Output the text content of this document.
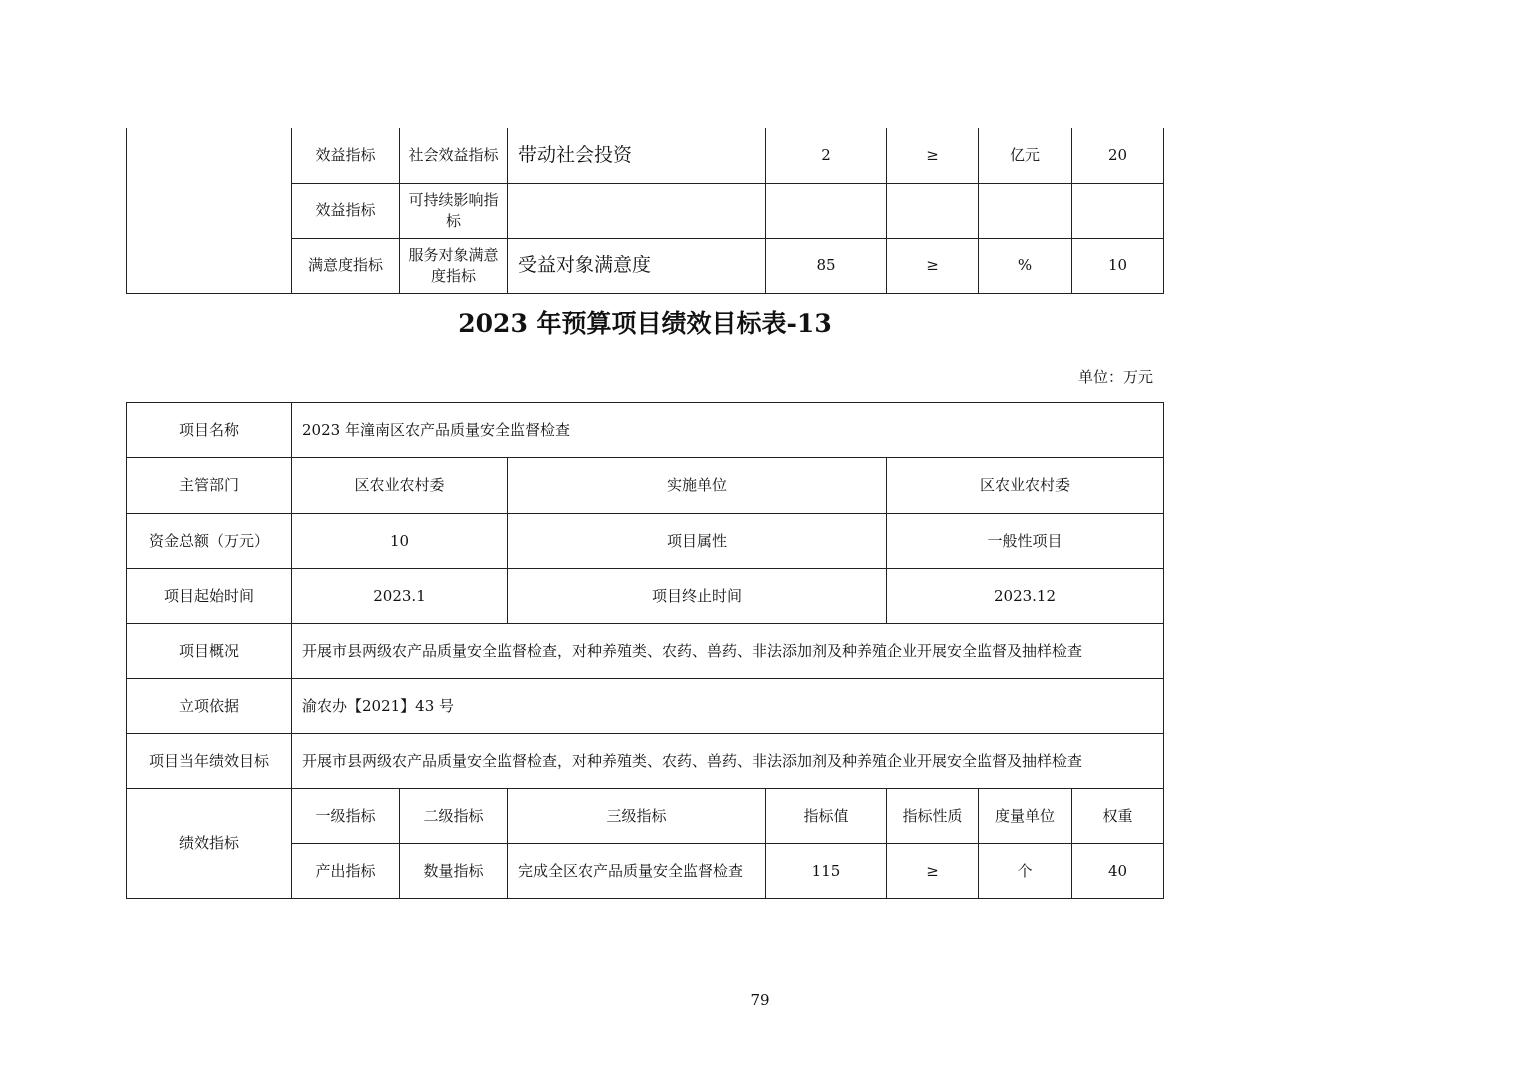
	效益指标	社会效益指标	带动社会投资	2	≥	亿元	20
	效益指标	可持续影响指标					
	满意度指标	服务对象满意度指标	受益对象满意度	85	≥	%	10
2023 年预算项目绩效目标表-13
单位：万元
项目名称	2023 年潼南区农产品质量安全监督检查						
主管部门	区农业农村委		实施单位		区农业农村委		
资金总额（万元）	10		项目属性		一般性项目		
项目起始时间	2023.1		项目终止时间		2023.12		
项目概况	开展市县两级农产品质量安全监督检查，对种养殖类、农药、兽药、非法添加剂及种养殖企业开展安全监督及抽样检查						
立项依据	渝农办【2021】43 号						
项目当年绩效目标	开展市县两级农产品质量安全监督检查，对种养殖类、农药、兽药、非法添加剂及种养殖企业开展安全监督及抽样检查						
绩效指标	一级指标	二级指标	三级指标	指标值	指标性质	度量单位	权重
	产出指标	数量指标	完成全区农产品质量安全监督检查	115	≥	个	40
79
